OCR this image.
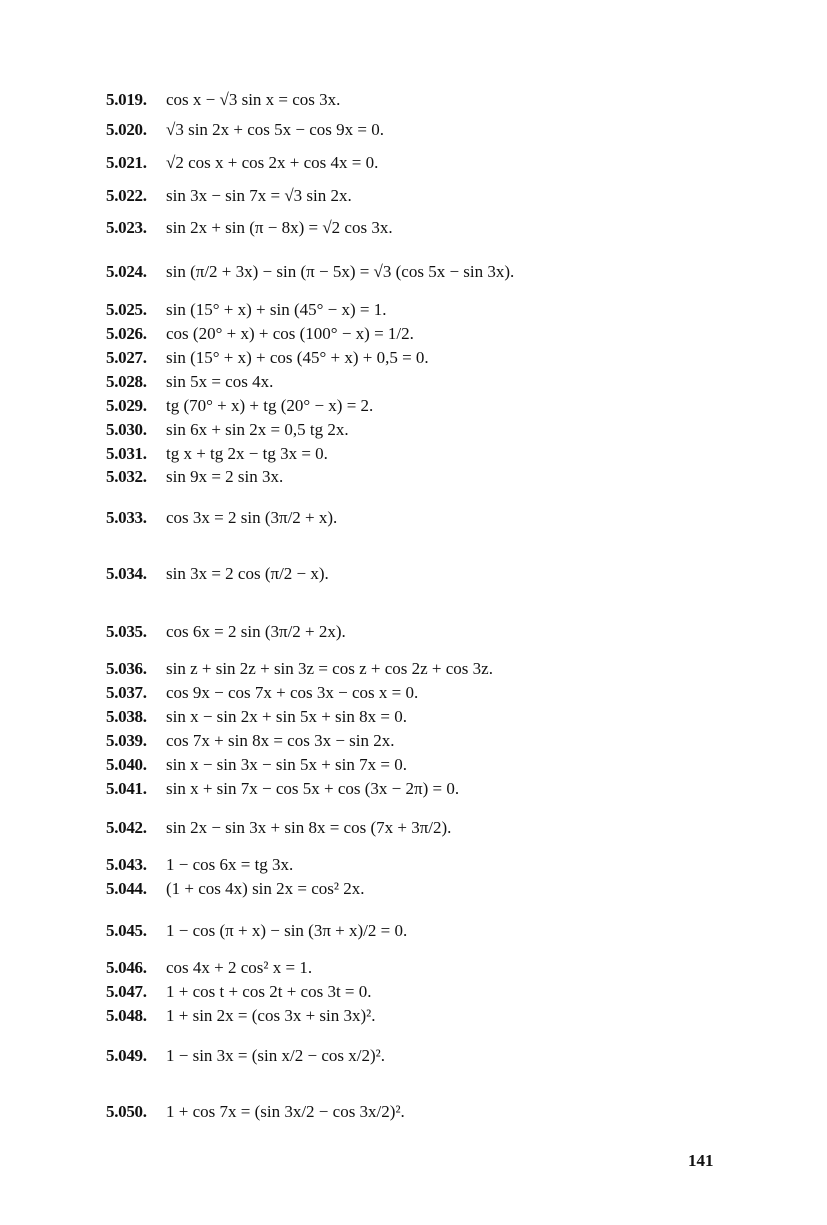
5.019. cos x − √3 sin x = cos 3x.
5.020. √3 sin 2x + cos 5x − cos 9x = 0.
5.021. √2 cos x + cos 2x + cos 4x = 0.
5.022. sin 3x − sin 7x = √3 sin 2x.
5.023. sin 2x + sin (π − 8x) = √2 cos 3x.
5.024. sin (π/2 + 3x) − sin (π − 5x) = √3 (cos 5x − sin 3x).
5.025. sin (15° + x) + sin (45° − x) = 1.
5.026. cos (20° + x) + cos (100° − x) = 1/2.
5.027. sin (15° + x) + cos (45° + x) + 0,5 = 0.
5.028. sin 5x = cos 4x.
5.029. tg (70° + x) + tg (20° − x) = 2.
5.030. sin 6x + sin 2x = 0,5 tg 2x.
5.031. tg x + tg 2x − tg 3x = 0.
5.032. sin 9x = 2 sin 3x.
5.033. cos 3x = 2 sin (3π/2 + x).
5.034. sin 3x = 2 cos (π/2 − x).
5.035. cos 6x = 2 sin (3π/2 + 2x).
5.036. sin z + sin 2z + sin 3z = cos z + cos 2z + cos 3z.
5.037. cos 9x − cos 7x + cos 3x − cos x = 0.
5.038. sin x − sin 2x + sin 5x + sin 8x = 0.
5.039. cos 7x + sin 8x = cos 3x − sin 2x.
5.040. sin x − sin 3x − sin 5x + sin 7x = 0.
5.041. sin x + sin 7x − cos 5x + cos (3x − 2π) = 0.
5.042. sin 2x − sin 3x + sin 8x = cos (7x + 3π/2).
5.043. 1 − cos 6x = tg 3x.
5.044. (1 + cos 4x) sin 2x = cos² 2x.
5.045. 1 − cos (π + x) − sin (3π + x)/2 = 0.
5.046. cos 4x + 2 cos² x = 1.
5.047. 1 + cos t + cos 2t + cos 3t = 0.
5.048. 1 + sin 2x = (cos 3x + sin 3x)².
5.049. 1 − sin 3x = (sin x/2 − cos x/2)².
5.050. 1 + cos 7x = (sin 3x/2 − cos 3x/2)².
141
